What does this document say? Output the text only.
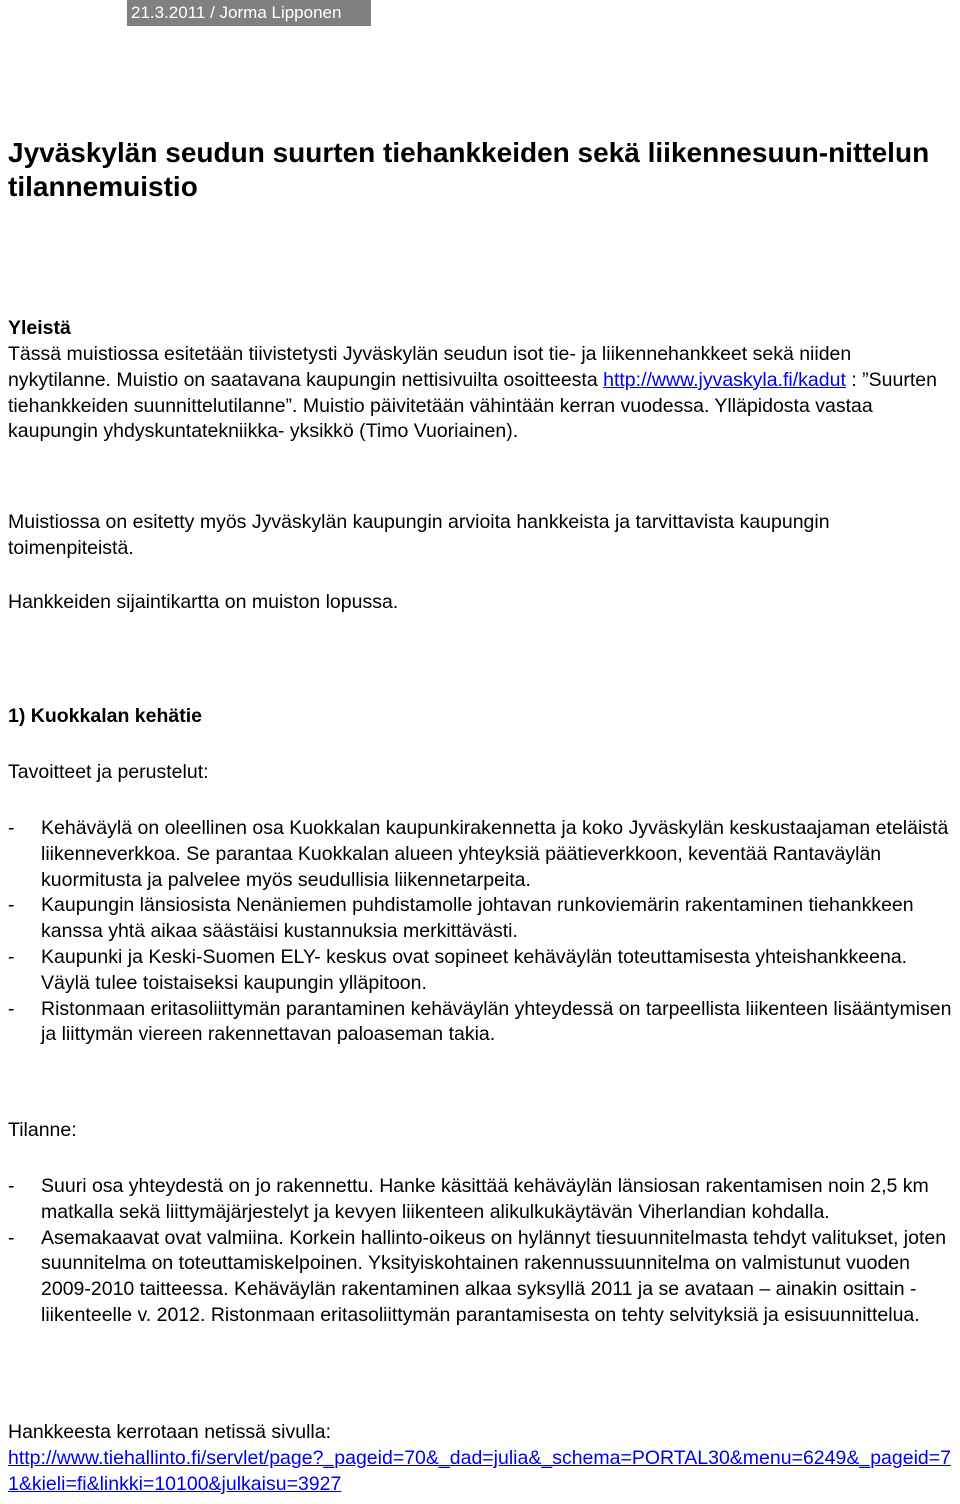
21.3.2011 / Jorma Lipponen
Jyväskylän seudun suurten tiehankkeiden sekä liikennesuun-nittelun tilannemuistio

Yleistä

Tässä muistiossa esitetään tiivistetysti Jyväskylän seudun isot tie- ja liikennehankkeet sekä niiden nykytilanne. Muistio on saatavana kaupungin nettisivuilta osoitteesta http://www.jyvaskyla.fi/kadut : ”Suurten tiehankkeiden suunnittelutilanne”. Muistio päivitetään vähintään kerran vuodessa. Ylläpidosta vastaa kaupungin yhdyskuntatekniikka- yksikkö (Timo Vuoriainen).

Muistiossa on esitetty myös Jyväskylän kaupungin arvioita hankkeista ja tarvittavista kaupungin toimenpiteistä.

Hankkeiden sijaintikartta on muiston lopussa.

1) Kuokkalan kehätie

Tavoitteet ja perustelut:

- Kehäväylä on oleellinen osa Kuokkalan kaupunkirakennetta ja koko Jyväskylän keskustaajaman eteläistä liikenneverkkoa. Se parantaa Kuokkalan alueen yhteyksiä päätieverkkoon, keventää Rantaväylän kuormitusta ja palvelee myös seudullisia liikennetarpeita.
- Kaupungin länsiosista Nenäniemen puhdistamolle johtavan runkoviemärin rakentaminen tiehankkeen kanssa yhtä aikaa säästäisi kustannuksia merkittävästi.
- Kaupunki ja Keski-Suomen ELY- keskus ovat sopineet kehäväylän toteuttamisesta yhteishankkeena. Väylä tulee toistaiseksi kaupungin ylläpitoon.
- Ristonmaan eritasoliittymän parantaminen kehäväylän yhteydessä on tarpeellista liikenteen lisääntymisen ja liittymän viereen rakennettavan paloaseman takia.

Tilanne:

- Suuri osa yhteydestä on jo rakennettu. Hanke käsittää kehäväylän länsiosan rakentamisen noin 2,5 km matkalla sekä liittymäjärjestelyt ja kevyen liikenteen alikulkukäytävän Viherlandian kohdalla.
- Asemakaavat ovat valmiina. Korkein hallinto-oikeus on hylännyt tiesuunnitelmasta tehdyt valitukset, joten suunnitelma on toteuttamiskelpoinen. Yksityiskohtainen rakennussuunnitelma on valmistunut vuoden 2009-2010 taitteessa. Kehäväylän rakentaminen alkaa syksyllä 2011 ja se avataan – ainakin osittain - liikenteelle v. 2012. Ristonmaan eritasoliittymän parantamisesta on tehty selvityksiä ja esisuunnittelua.

Hankkeesta kerrotaan netissä sivulla:

http://www.tiehallinto.fi/servlet/page?_pageid=70&_dad=julia&_schema=PORTAL30&menu=6249&_pageid=71&kieli=fi&linkki=10100&julkaisu=3927
